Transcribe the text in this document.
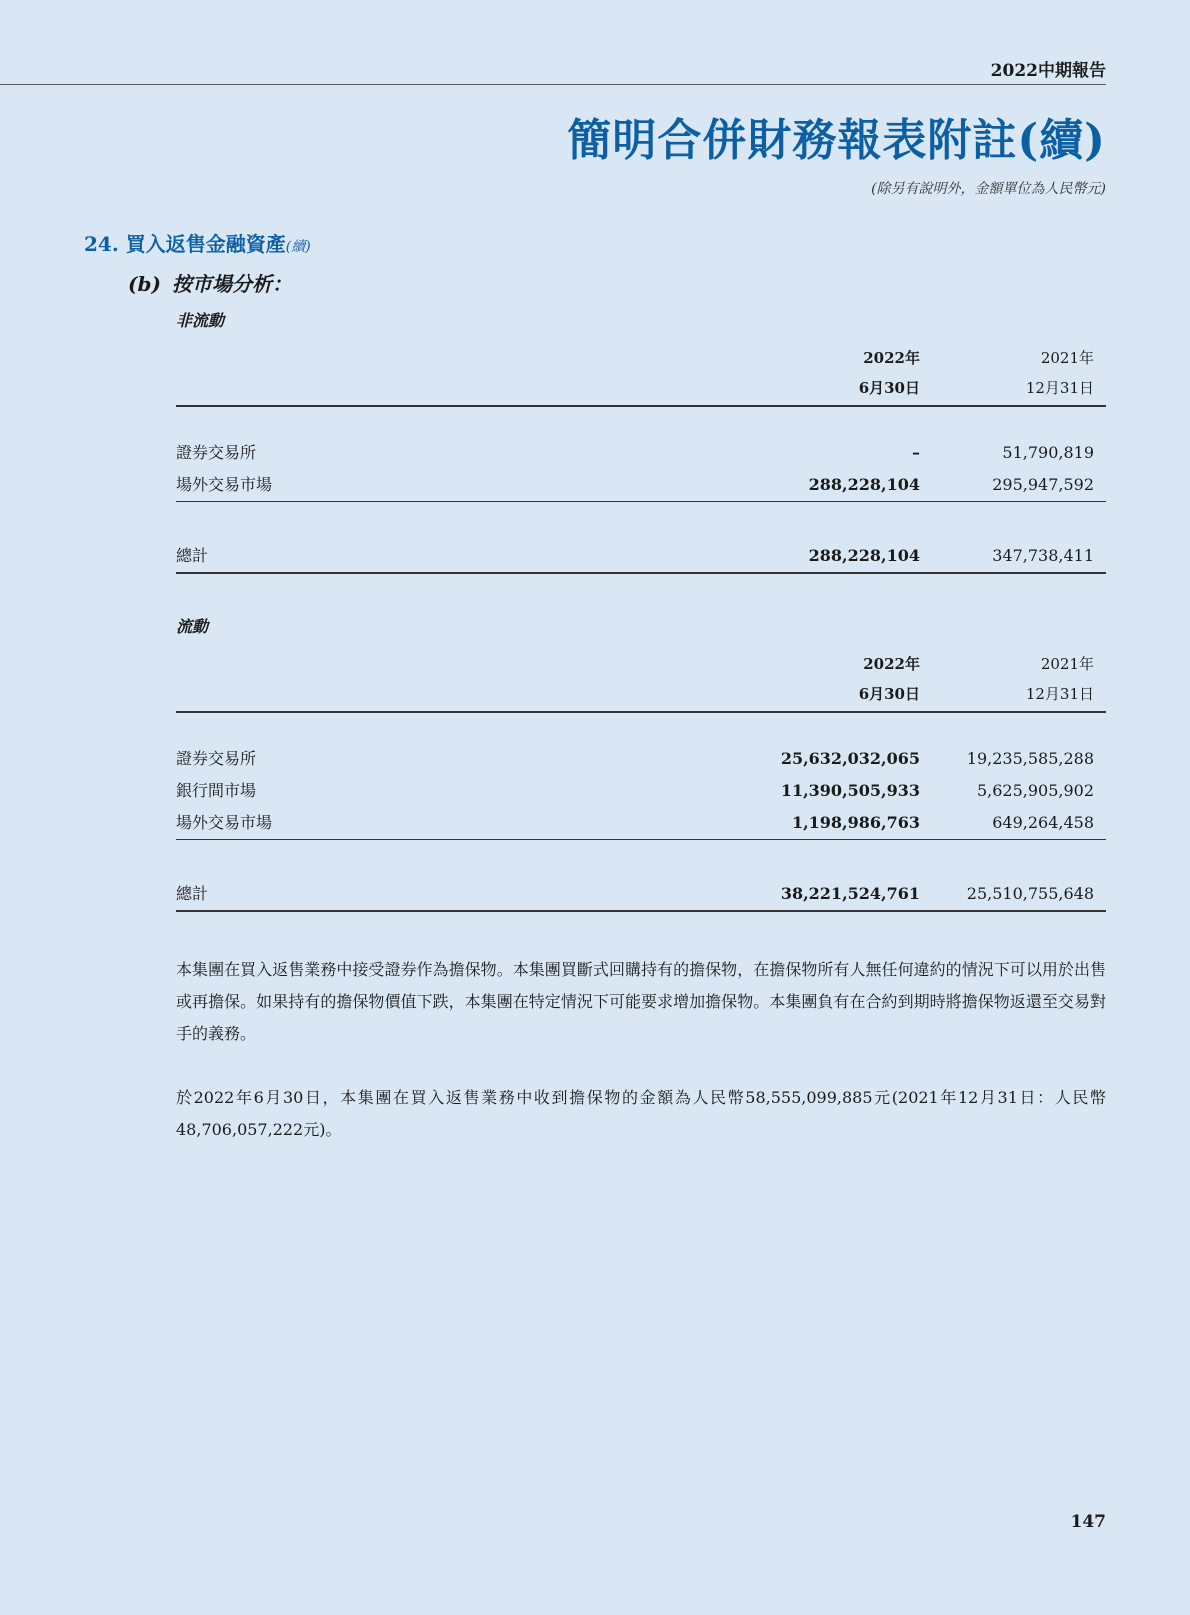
2022中期報告
簡明合併財務報表附註(續)
(除另有說明外，金額單位為人民幣元)
24. 買入返售金融資產(續)
(b) 按市場分析：
非流動
2022年
6月30日
2021年
12月31日
證券交易所	–	51,790,819
場外交易市場	288,228,104	295,947,592
總計	288,228,104	347,738,411
流動
2022年
6月30日
2021年
12月31日
證券交易所	25,632,032,065	19,235,585,288
銀行間市場	11,390,505,933	5,625,905,902
場外交易市場	1,198,986,763	649,264,458
總計	38,221,524,761	25,510,755,648
本集團在買入返售業務中接受證券作為擔保物。本集團買斷式回購持有的擔保物，在擔保物所有人無任何違約的情況下可以用於出售或再擔保。如果持有的擔保物價值下跌，本集團在特定情況下可能要求增加擔保物。本集團負有在合約到期時將擔保物返還至交易對手的義務。
於2022年6月30日，本集團在買入返售業務中收到擔保物的金額為人民幣58,555,099,885元(2021年12月31日：人民幣48,706,057,222元)。
147
